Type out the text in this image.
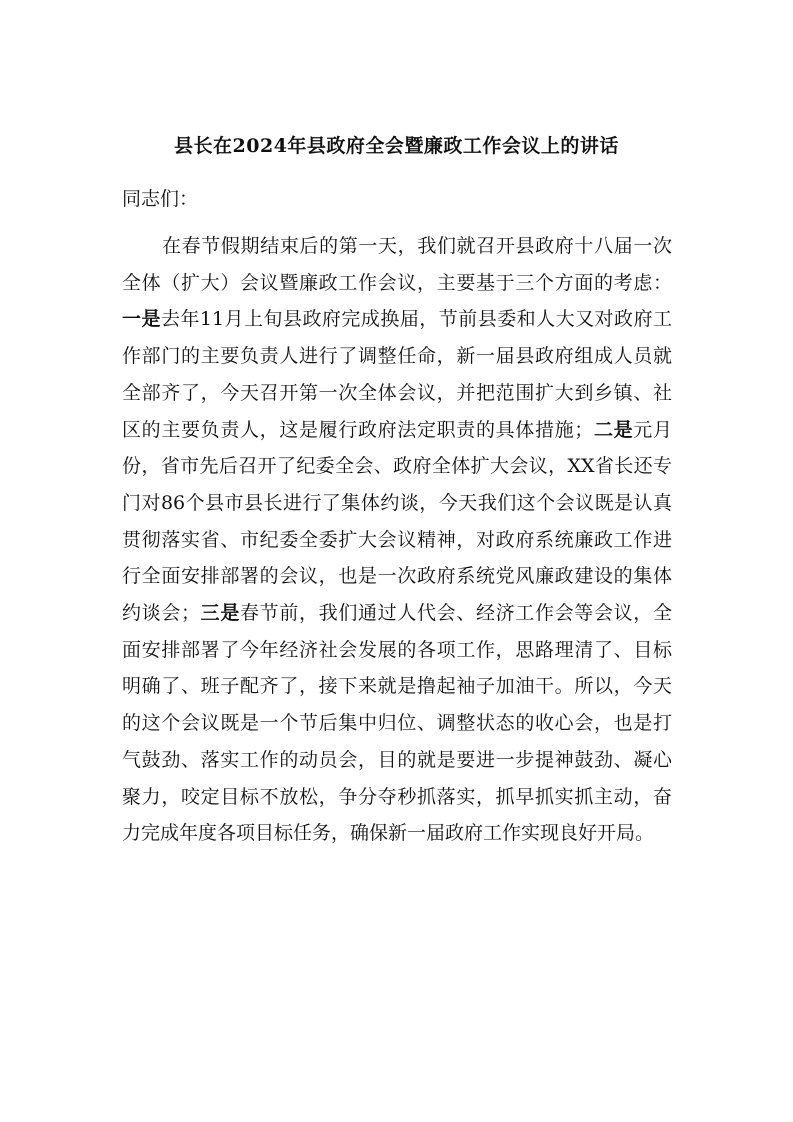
县长在2024年县政府全会暨廉政工作会议上的讲话
同志们：

在春节假期结束后的第一天，我们就召开县政府十八届一次全体（扩大）会议暨廉政工作会议，主要基于三个方面的考虑：一是去年11月上旬县政府完成换届，节前县委和人大又对政府工作部门的主要负责人进行了调整任命，新一届县政府组成人员就全部齐了，今天召开第一次全体会议，并把范围扩大到乡镇、社区的主要负责人，这是履行政府法定职责的具体措施；二是元月份，省市先后召开了纪委全会、政府全体扩大会议，XX省长还专门对86个县市县长进行了集体约谈，今天我们这个会议既是认真贯彻落实省、市纪委全委扩大会议精神，对政府系统廉政工作进行全面安排部署的会议，也是一次政府系统党风廉政建设的集体约谈会；三是春节前，我们通过人代会、经济工作会等会议，全面安排部署了今年经济社会发展的各项工作，思路理清了、目标明确了、班子配齐了，接下来就是撸起袖子加油干。所以，今天的这个会议既是一个节后集中归位、调整状态的收心会，也是打气鼓劲、落实工作的动员会，目的就是要进一步提神鼓劲、凝心聚力，咬定目标不放松，争分夺秒抓落实，抓早抓实抓主动，奋力完成年度各项目标任务，确保新一届政府工作实现良好开局。
